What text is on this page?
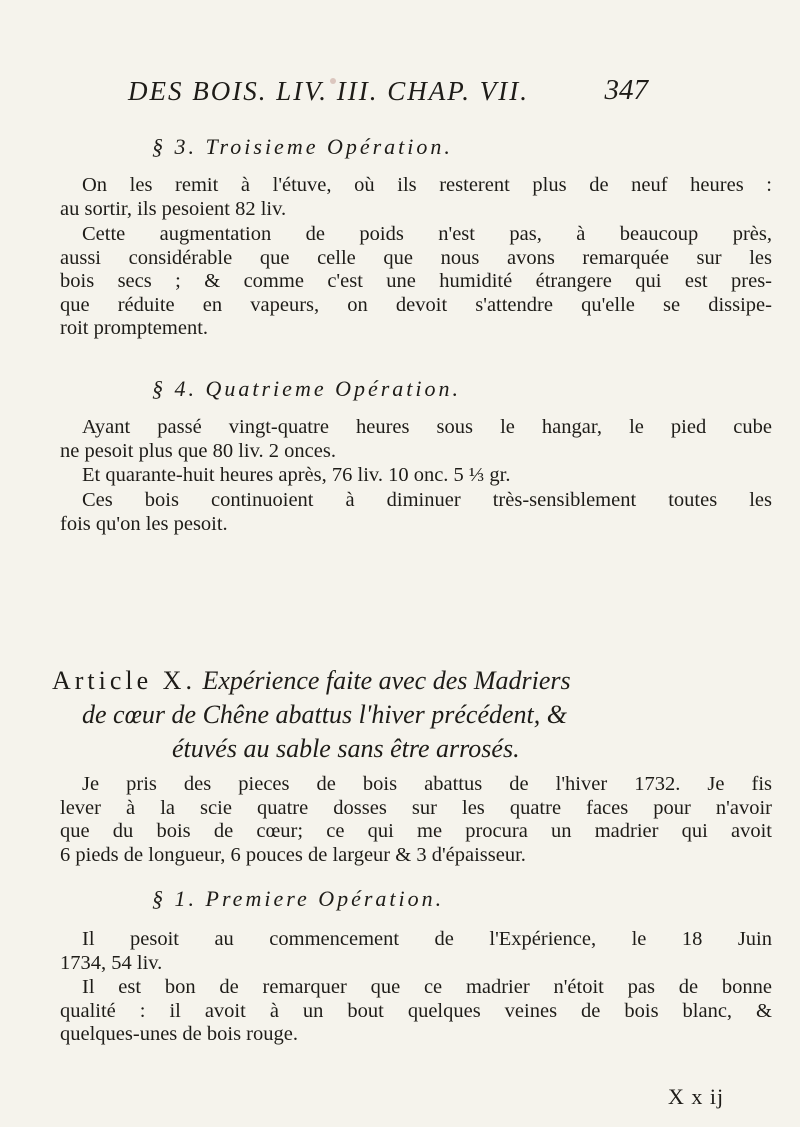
DES BOIS. LIV. III. CHAP. VII.	347
§ 3. Troisieme Opération.
On les remit à l'étuve, où ils resterent plus de neuf heures :
au sortir, ils pesoient 82 liv.
Cette augmentation de poids n'est pas, à beaucoup près,
aussi considérable que celle que nous avons remarquée sur les
bois secs ; & comme c'est une humidité étrangere qui est pres-
que réduite en vapeurs, on devoit s'attendre qu'elle se dissipe-
roit promptement.
§ 4. Quatrieme Opération.
Ayant passé vingt-quatre heures sous le hangar, le pied cube
ne pesoit plus que 80 liv. 2 onces.
Et quarante-huit heures après, 76 liv. 10 onc. 5 ⅓ gr.
Ces bois continuoient à diminuer très-sensiblement toutes les
fois qu'on les pesoit.
Article X. Expérience faite avec des Madriers
de cœur de Chêne abattus l'hiver précédent, &
étuvés au sable sans être arrosés.
Je pris des pieces de bois abattus de l'hiver 1732. Je fis
lever à la scie quatre dosses sur les quatre faces pour n'avoir
que du bois de cœur; ce qui me procura un madrier qui avoit
6 pieds de longueur, 6 pouces de largeur & 3 d'épaisseur.
§ 1. Premiere Opération.
Il pesoit au commencement de l'Expérience, le 18 Juin
1734, 54 liv.
Il est bon de remarquer que ce madrier n'étoit pas de bonne
qualité : il avoit à un bout quelques veines de bois blanc, &
quelques-unes de bois rouge.
X x ij
